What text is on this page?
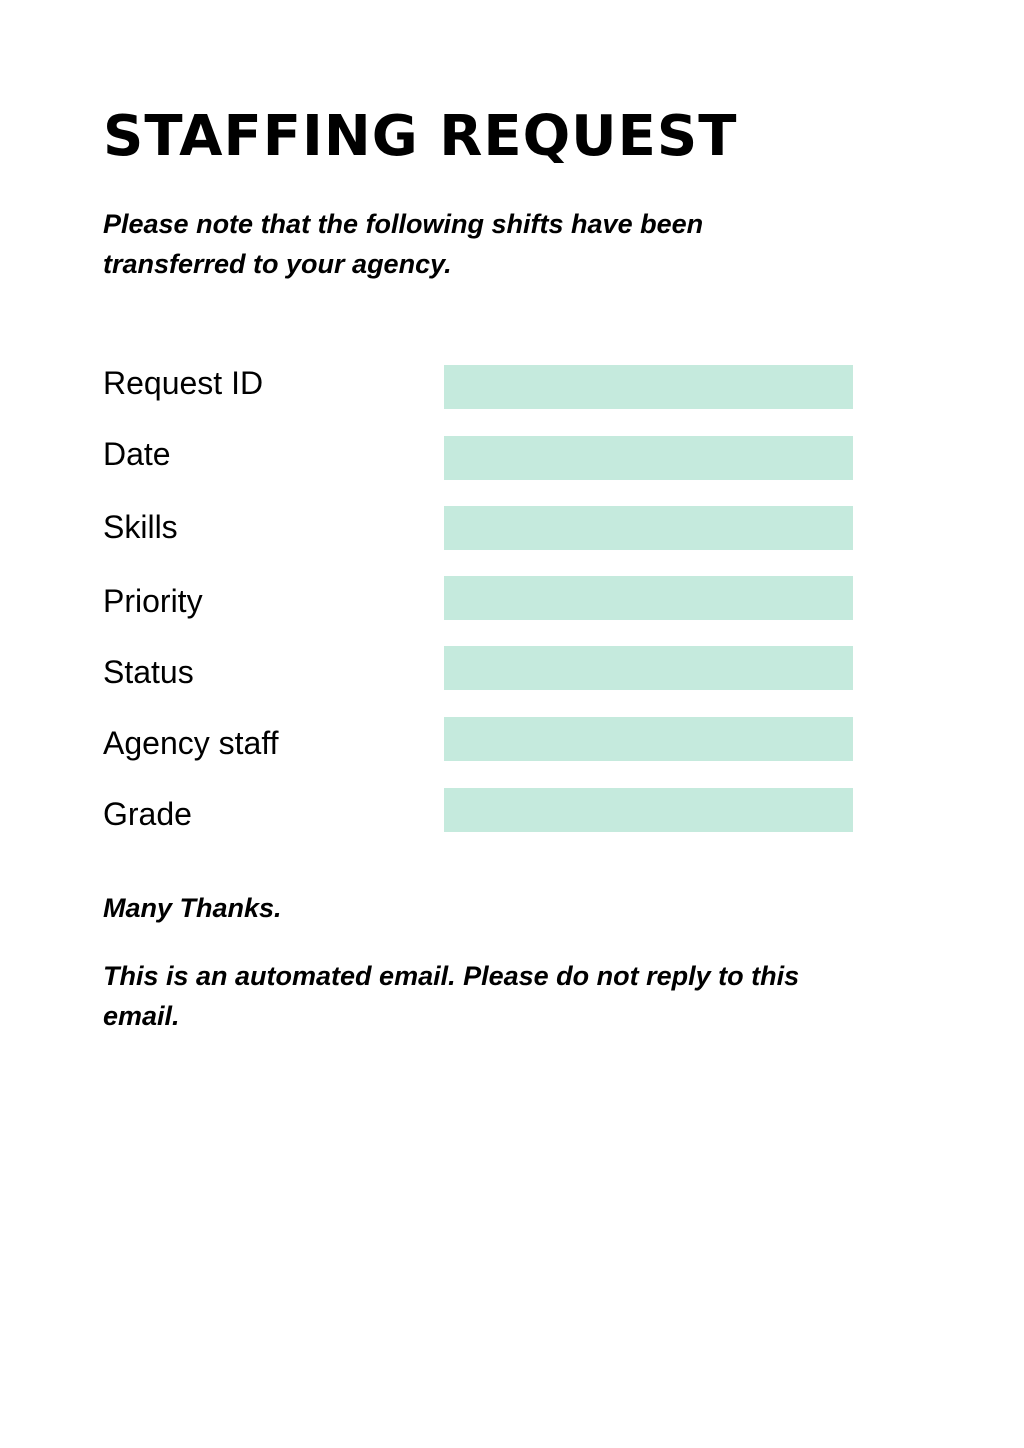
STAFFING REQUEST

Please note that the following shifts have been transferred to your agency.

Request ID
Date
Skills
Priority
Status
Agency staff
Grade

Many Thanks.

This is an automated email. Please do not reply to this email.
